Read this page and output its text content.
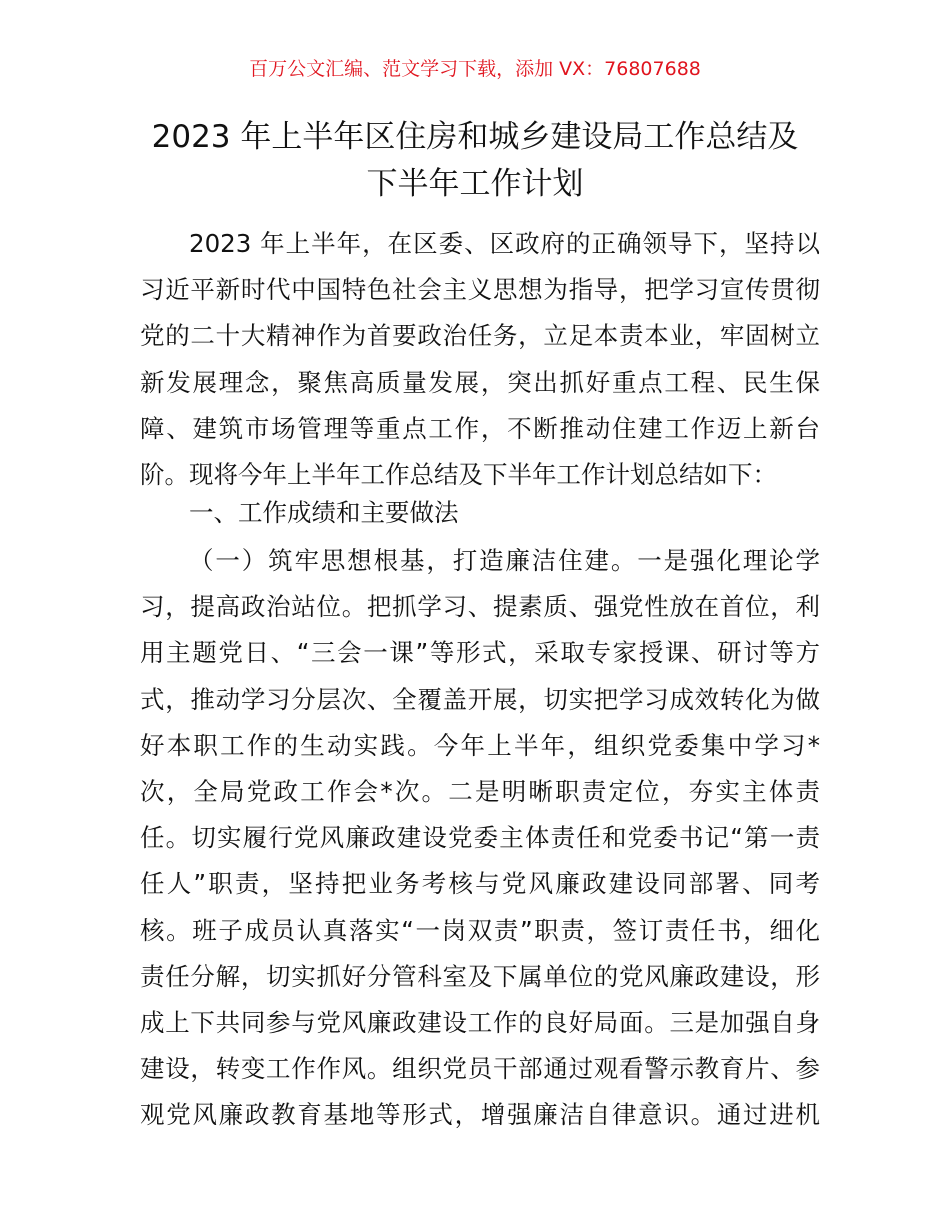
百万公文汇编、范文学习下载，添加 VX：76807688
2023 年上半年区住房和城乡建设局工作总结及
下半年工作计划
2023 年上半年，在区委、区政府的正确领导下，坚持以
习近平新时代中国特色社会主义思想为指导，把学习宣传贯彻
党的二十大精神作为首要政治任务，立足本责本业，牢固树立
新发展理念，聚焦高质量发展，突出抓好重点工程、民生保
障、建筑市场管理等重点工作，不断推动住建工作迈上新台
阶。现将今年上半年工作总结及下半年工作计划总结如下：
一、工作成绩和主要做法
（一）筑牢思想根基，打造廉洁住建。一是强化理论学
习，提高政治站位。把抓学习、提素质、强党性放在首位，利
用主题党日、“三会一课”等形式，采取专家授课、研讨等方
式，推动学习分层次、全覆盖开展，切实把学习成效转化为做
好本职工作的生动实践。今年上半年，组织党委集中学习*
次，全局党政工作会*次。二是明晰职责定位，夯实主体责
任。切实履行党风廉政建设党委主体责任和党委书记“第一责
任人”职责，坚持把业务考核与党风廉政建设同部署、同考
核。班子成员认真落实“一岗双责”职责，签订责任书，细化
责任分解，切实抓好分管科室及下属单位的党风廉政建设，形
成上下共同参与党风廉政建设工作的良好局面。三是加强自身
建设，转变工作作风。组织党员干部通过观看警示教育片、参
观党风廉政教育基地等形式，增强廉洁自律意识。通过进机
